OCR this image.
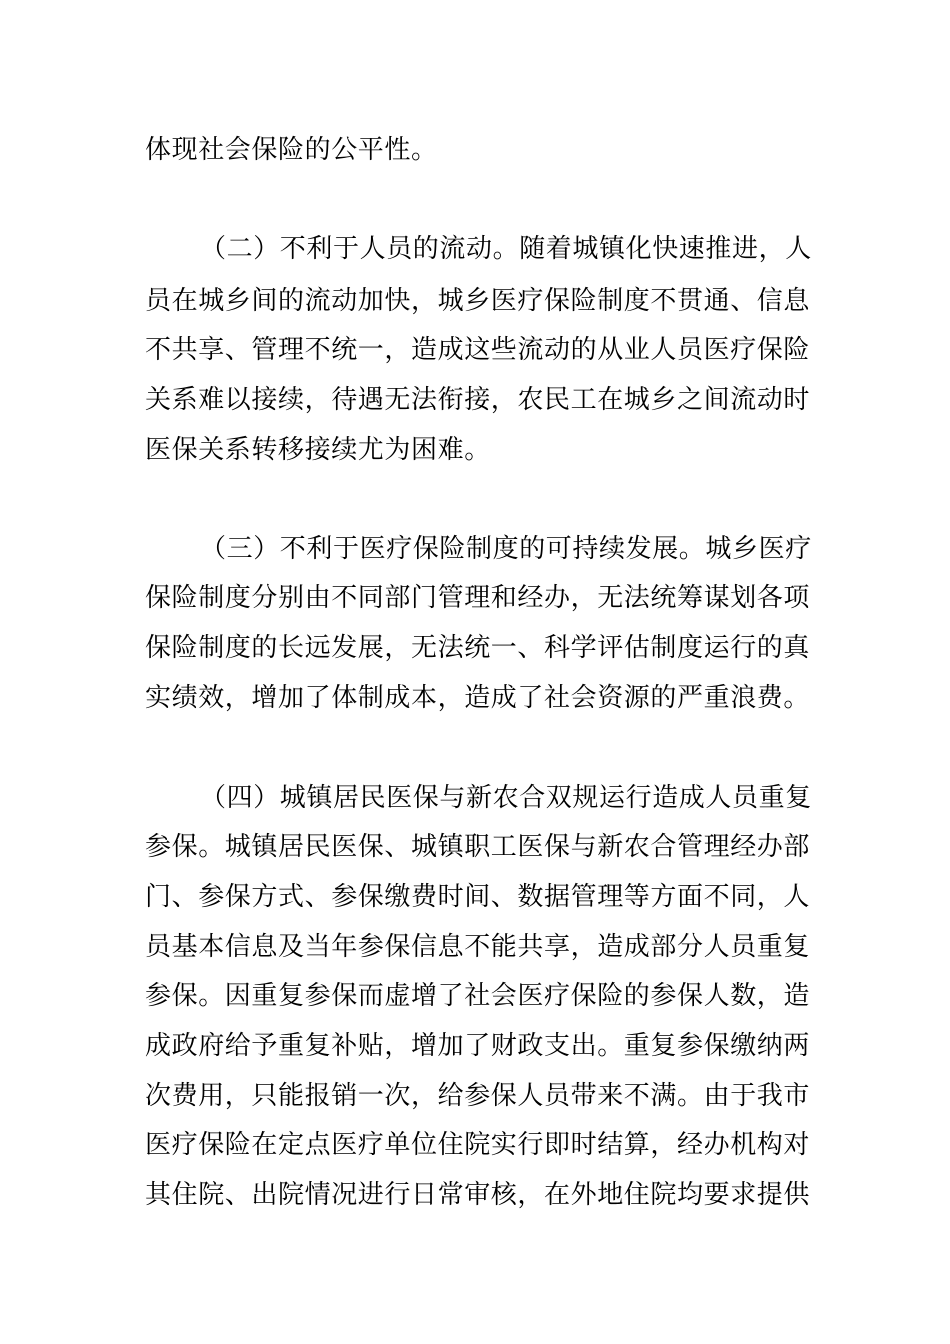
体现社会保险的公平性。
（二）不利于人员的流动。随着城镇化快速推进，人
员在城乡间的流动加快，城乡医疗保险制度不贯通、信息
不共享、管理不统一，造成这些流动的从业人员医疗保险
关系难以接续，待遇无法衔接，农民工在城乡之间流动时
医保关系转移接续尤为困难。
（三）不利于医疗保险制度的可持续发展。城乡医疗
保险制度分别由不同部门管理和经办，无法统筹谋划各项
保险制度的长远发展，无法统一、科学评估制度运行的真
实绩效，增加了体制成本，造成了社会资源的严重浪费。
（四）城镇居民医保与新农合双规运行造成人员重复
参保。城镇居民医保、城镇职工医保与新农合管理经办部
门、参保方式、参保缴费时间、数据管理等方面不同，人
员基本信息及当年参保信息不能共享，造成部分人员重复
参保。因重复参保而虚增了社会医疗保险的参保人数，造
成政府给予重复补贴，增加了财政支出。重复参保缴纳两
次费用，只能报销一次，给参保人员带来不满。由于我市
医疗保险在定点医疗单位住院实行即时结算，经办机构对
其住院、出院情况进行日常审核，在外地住院均要求提供
